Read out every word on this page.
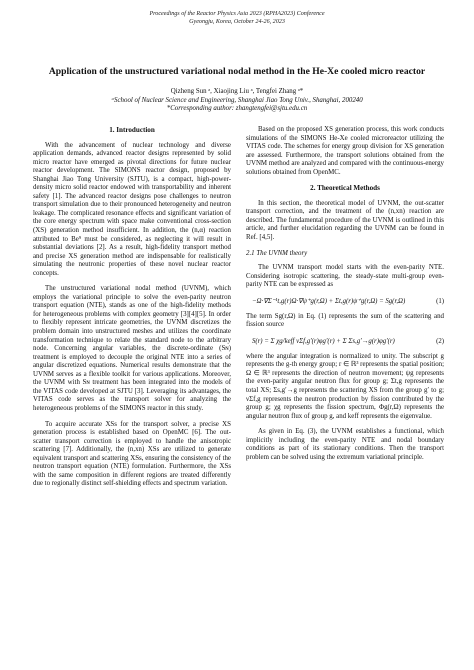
Proceedings of the Reactor Physics Asia 2023 (RPHA2023) Conference
Gyeongju, Korea, October 24-26, 2023
Application of the unstructured variational nodal method in the He-Xe cooled micro reactor
Qizheng Sun ᵃ, Xiaojing Liu ᵃ, Tengfei Zhang ᵃ*
ᵃSchool of Nuclear Science and Engineering, Shanghai Jiao Tong Univ., Shanghai, 200240
*Corresponding author: zhangtengfei@sjtu.edu.cn
1. Introduction

With the advancement of nuclear technology and diverse application demands, advanced reactor designs represented by solid micro reactor have emerged as pivotal directions for future nuclear reactor development. The SIMONS reactor design, proposed by Shanghai Jiao Tong University (SJTU), is a compact, high-power-density micro solid reactor endowed with transportability and inherent safety [1]. The advanced reactor designs pose challenges to neutron transport simulation due to their pronounced heterogeneity and neutron leakage. The complicated resonance effects and significant variation of the core energy spectrum with space make conventional cross-section (XS) generation method insufficient. In addition, the (n,α) reaction attributed to Be⁹ must be considered, as neglecting it will result in substantial deviations [2]. As a result, high-fidelity transport method and precise XS generation method are indispensable for realistically simulating the neutronic properties of these novel nuclear reactor concepts.

The unstructured variational nodal method (UVNM), which employs the variational principle to solve the even-parity neutron transport equation (NTE), stands as one of the high-fidelity methods for heterogeneous problems with complex geometry [3][4][5]. In order to flexibly represent intricate geometries, the UVNM discretizes the problem domain into unstructured meshes and utilizes the coordinate transformation technique to relate the standard node to the arbitrary node. Concerning angular variables, the discrete-ordinate (Sɴ) treatment is employed to decouple the original NTE into a series of angular discretized equations. Numerical results demonstrate that the UVNM serves as a flexible toolkit for various applications. Moreover, the UVNM with Sɴ treatment has been integrated into the models of the VITAS code developed at SJTU [3]. Leveraging its advantages, the VITAS code serves as the transport solver for analyzing the heterogeneous problems of the SIMONS reactor in this study.

To acquire accurate XSs for the transport solver, a precise XS generation process is established based on OpenMC [6]. The out-scatter transport correction is employed to handle the anisotropic scattering [7]. Additionally, the (n,xn) XSs are utilized to generate equivalent transport and scattering XSs, ensuring the consistency of the neutron transport equation (NTE) formulation. Furthermore, the XSs with the same composition in different regions are treated differently due to regionally distinct self-shielding effects and spectrum variation.

Based on the proposed XS generation process, this work conducts simulations of the SIMONS He-Xe cooled microreactor utilizing the VITAS code. The schemes for energy group division for XS generation are assessed. Furthermore, the transport solutions obtained from the UVNM method are analyzed and compared with the continuous-energy solutions obtained from OpenMC.

2. Theoretical Methods

In this section, the theoretical model of UVNM, the out-scatter transport correction, and the treatment of the (n,xn) reaction are described. The fundamental procedure of the UVNM is outlined in this article, and further elucidation regarding the UVNM can be found in Ref. [4,5].

2.1 The UVNM theory

The UVNM transport model starts with the even-parity NTE. Considering isotropic scattering, the steady-state multi-group even-parity NTE can be expressed as

−Ω·∇Σ⁻¹t,g(r)Ω·∇ψ⁺g(r,Ω) + Σt,g(r)ψ⁺g(r,Ω) = Sg(r,Ω)	(1)

The term Sg(r,Ω) in Eq. (1) represents the sum of the scattering and fission source

S(r) = Σ χg/keff νΣf,g′(r)φg′(r) + Σ Σs,g′→g(r)φg′(r)	(2)

where the angular integration is normalized to unity. The subscript g represents the g-th energy group; r ∈ ℝ³ represents the spatial position; Ω ∈ ℝ³ represents the direction of neutron movement; ψg represents the even-parity angular neutron flux for group g; Σt,g represents the total XS; Σs,g′→g represents the scattering XS from the group g′ to g; νΣf,g represents the neutron production by fission contributed by the group g; χg represents the fission spectrum, Φg(r,Ω) represents the angular neutron flux of group g, and keff represents the eigenvalue.

As given in Eq. (3), the UVNM establishes a functional, which implicitly including the even-parity NTE and nodal boundary conditions as part of its stationary conditions. Then the transport problem can be solved using the extremum variational principle.
